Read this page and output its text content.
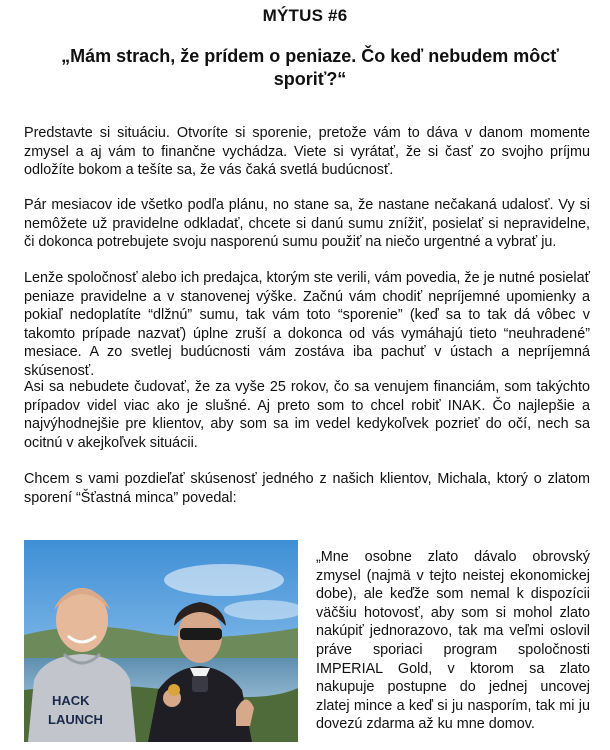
MÝTUS #6
„Mám strach, že prídem o peniaze. Čo keď nebudem môcť sporiť?“

Predstavte si situáciu. Otvoríte si sporenie, pretože vám to dáva v danom momente zmysel a aj vám to finančne vychádza. Viete si vyrátať, že si časť zo svojho príjmu odložíte bokom a tešíte sa, že vás čaká svetlá budúcnosť.

Pár mesiacov ide všetko podľa plánu, no stane sa, že nastane nečakaná udalosť. Vy si nemôžete už pravidelne odkladať, chcete si danú sumu znížiť, posielať si nepravidelne, či dokonca potrebujete svoju nasporenú sumu použiť na niečo urgentné a vybrať ju.

Lenže spoločnosť alebo ich predajca, ktorým ste verili, vám povedia, že je nutné posielať peniaze pravidelne a v stanovenej výške. Začnú vám chodiť nepríjemné upomienky a pokiaľ nedoplatíte “dlžnú” sumu, tak vám toto “sporenie” (keď sa to tak dá vôbec v takomto prípade nazvať) úplne zruší a dokonca od vás vymáhajú tieto “neuhradené” mesiace. A zo svetlej budúcnosti vám zostáva iba pachuť v ústach a nepríjemná skúsenosť.

Asi sa nebudete čudovať, že za vyše 25 rokov, čo sa venujem financiám, som takýchto prípadov videl viac ako je slušné. Aj preto som to chcel robiť INAK. Čo najlepšie a najvýhodnejšie pre klientov, aby som sa im vedel kedykoľvek pozrieť do očí, nech sa ocitnú v akejkoľvek situácii.

Chcem s vami pozdieľať skúsenosť jedného z našich klientov, Michala, ktorý o zlatom sporení “Šťastná minca” povedal:

HACK
LAUNCH

„Mne osobne zlato dávalo obrovský zmysel (najmä v tejto neistej ekonomickej dobe), ale keďže som nemal k dispozícii väčšiu hotovosť, aby som si mohol zlato nakúpiť jednorazovo, tak ma veľmi oslovil práve sporiaci program spoločnosti IMPERIAL Gold, v ktorom sa zlato nakupuje postupne do jednej uncovej zlatej mince a keď si ju nasporím, tak mi ju dovezú zdarma až ku mne domov.
